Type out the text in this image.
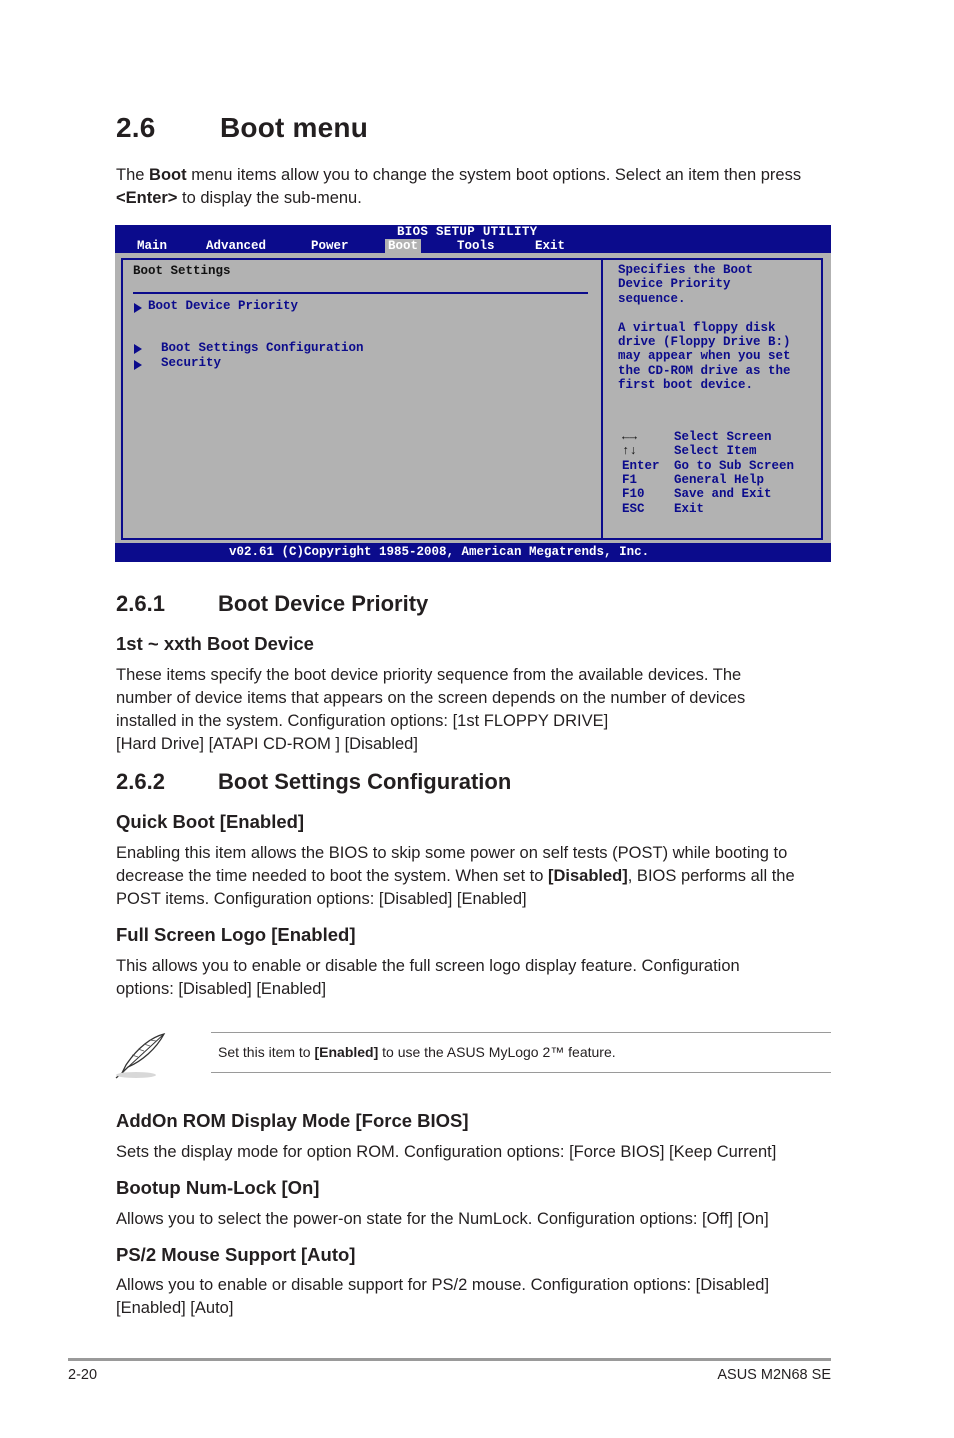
2.6 Boot menu

The Boot menu items allow you to change the system boot options. Select an item then press <Enter> to display the sub-menu.

BIOS SETUP UTILITY
Main	Advanced	Power	Boot	Tools	Exit
Boot Settings
Boot Device Priority
Boot Settings Configuration
Security
Specifies the Boot
Device Priority
sequence.
A virtual floppy disk
drive (Floppy Drive B:)
may appear when you set
the CD-ROM drive as the
first boot device.
←→	Select Screen
↑↓	Select Item
Enter Go to Sub Screen
F1	General Help
F10 Save and Exit
ESC Exit
v02.61 (C)Copyright 1985-2008, American Megatrends, Inc.
2.6.1 Boot Device Priority
1st ~ xxth Boot Device

These items specify the boot device priority sequence from the available devices. The
number of device items that appears on the screen depends on the number of devices
installed in the system. Configuration options: [1st FLOPPY DRIVE]
[Hard Drive] [ATAPI CD-ROM ] [Disabled]

2.6.2 Boot Settings Configuration
Quick Boot [Enabled]

Enabling this item allows the BIOS to skip some power on self tests (POST) while booting to
decrease the time needed to boot the system. When set to [Disabled], BIOS performs all the
POST items. Configuration options: [Disabled] [Enabled]

Full Screen Logo [Enabled]

This allows you to enable or disable the full screen logo display feature. Configuration
options: [Disabled] [Enabled]

Set this item to [Enabled] to use the ASUS MyLogo 2™ feature.
AddOn ROM Display Mode [Force BIOS]

Sets the display mode for option ROM. Configuration options: [Force BIOS] [Keep Current]

Bootup Num-Lock [On]

Allows you to select the power-on state for the NumLock. Configuration options: [Off] [On]

PS/2 Mouse Support [Auto]

Allows you to enable or disable support for PS/2 mouse. Configuration options: [Disabled]
[Enabled] [Auto]

2-20	ASUS M2N68 SE
